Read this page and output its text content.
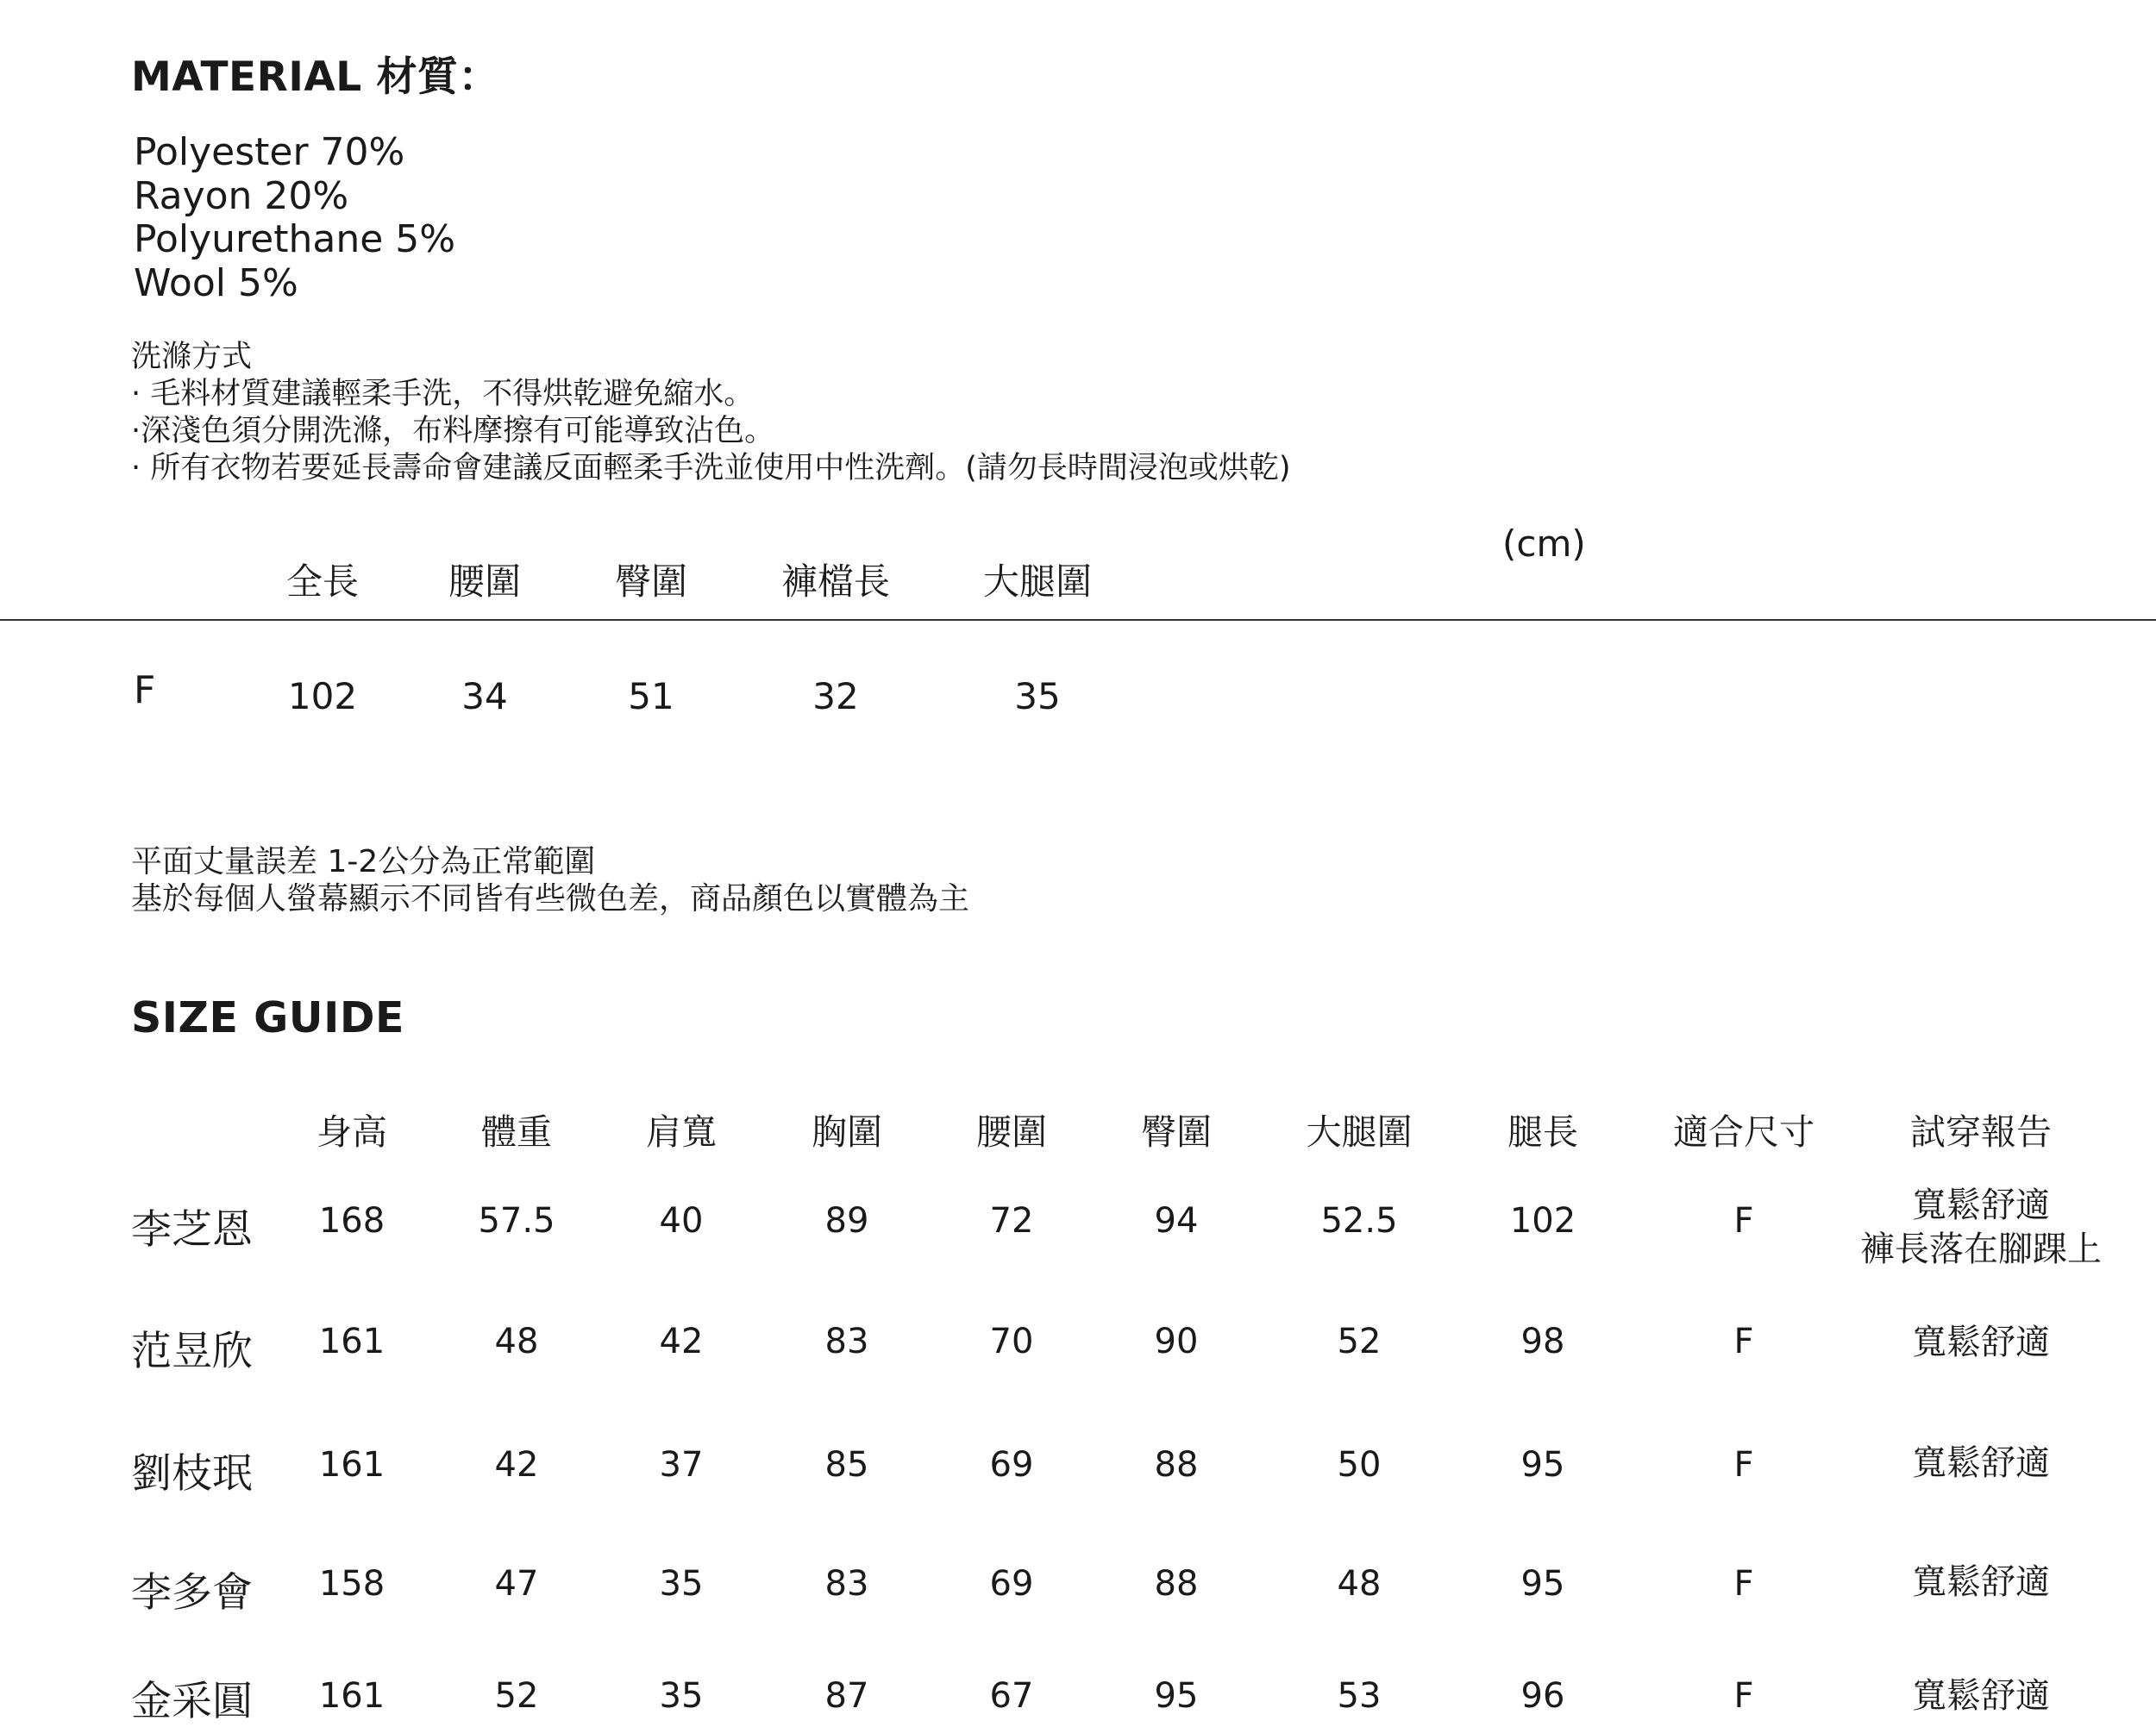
MATERIAL 材質：
Polyester 70%
Rayon 20%
Polyurethane 5%
Wool 5%
洗滌方式
· 毛料材質建議輕柔手洗，不得烘乾避免縮水。
·深淺色須分開洗滌，布料摩擦有可能導致沾色。
· 所有衣物若要延長壽命會建議反面輕柔手洗並使用中性洗劑。(請勿長時間浸泡或烘乾)
(cm)
全長 腰圍	臀圍	褲檔長	大腿圍
F	102	34	51	32	35
平面丈量誤差 1-2公分為正常範圍
基於每個人螢幕顯示不同皆有些微色差，商品顏色以實體為主
SIZE GUIDE
身高	體重	肩寬	胸圍	腰圍	臀圍	大腿圍	腿長	適合尺寸	試穿報告
李芝恩 168	57.5	40	89	72	94	52.5	102	F	寬鬆舒適
褲長落在腳踝上
范昱欣 161	48	42	83	70	90	52	98	F	寬鬆舒適
劉枝珉 161	42	37	85	69	88	50	95	F	寬鬆舒適
李多會 158	47	35	83	69	88	48	95	F	寬鬆舒適
金采圓 161	52	35	87	67	95	53	96	F	寬鬆舒適
